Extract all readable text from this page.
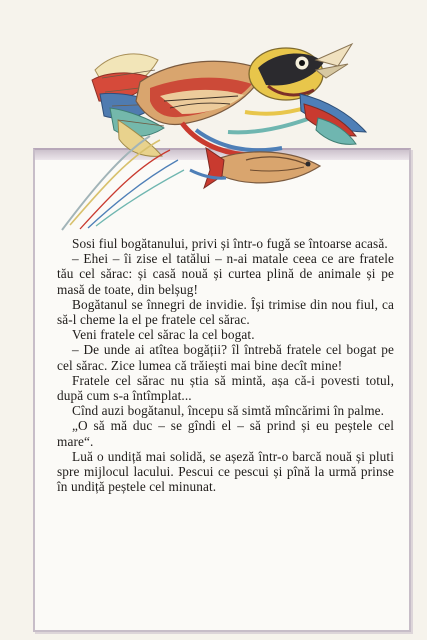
Sosi fiul bogătanului, privi și într-o fugă se întoarse acasă.

– Ehei – îi zise el tatălui – n-ai matale ceea ce are fratele tău cel sărac: și casă nouă și curtea plină de animale și pe masă de toate, din belșug!

Bogătanul se înnegri de invidie. Își trimise din nou fiul, ca să-l cheme la el pe fratele cel sărac.

Veni fratele cel sărac la cel bogat.

– De unde ai atîtea bogății? îl întrebă fratele cel bogat pe cel sărac. Zice lumea că trăiești mai bine decît mine!

Fratele cel sărac nu știa să mintă, așa că-i povesti totul, după cum s-a întîmplat...

Cînd auzi bogătanul, începu să simtă mîncărimi în palme.

„O să mă duc – se gîndi el – să prind și eu peștele cel mare“.

Luă o undiță mai solidă, se așeză într-o barcă nouă și pluti spre mijlocul lacului. Pescui ce pescui și pînă la urmă prinse în undiță peștele cel minunat.
